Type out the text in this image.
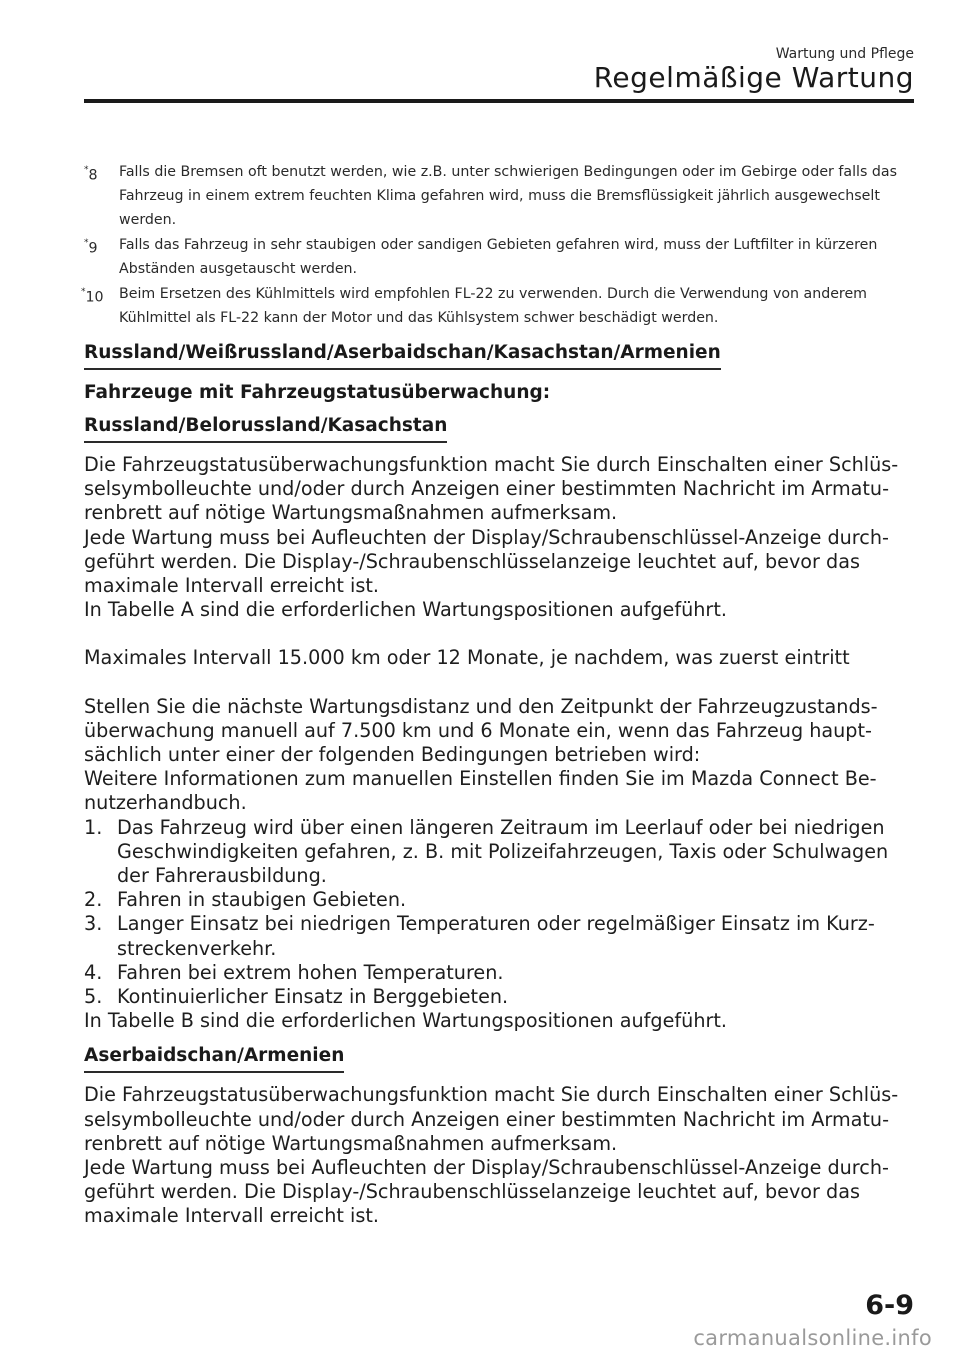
Wartung und Pflege
Regelmäßige Wartung
*8 Falls die Bremsen oft benutzt werden, wie z.B. unter schwierigen Bedingungen oder im Gebirge oder falls das Fahrzeug in einem extrem feuchten Klima gefahren wird, muss die Bremsflüssigkeit jährlich ausgewechselt werden.
*9 Falls das Fahrzeug in sehr staubigen oder sandigen Gebieten gefahren wird, muss der Luftfilter in kürzeren Abständen ausgetauscht werden.
*10 Beim Ersetzen des Kühlmittels wird empfohlen FL-22 zu verwenden. Durch die Verwendung von anderem Kühlmittel als FL-22 kann der Motor und das Kühlsystem schwer beschädigt werden.
Russland/Weißrussland/Aserbaidschan/Kasachstan/Armenien
Fahrzeuge mit Fahrzeugstatusüberwachung:
Russland/Belorussland/Kasachstan

Die Fahrzeugstatusüberwachungsfunktion macht Sie durch Einschalten einer Schlüsselsymbolleuchte und/oder durch Anzeigen einer bestimmten Nachricht im Armaturenbrett auf nötige Wartungsmaßnahmen aufmerksam.

Jede Wartung muss bei Aufleuchten der Display/Schraubenschlüssel-Anzeige durchgeführt werden. Die Display-/Schraubenschlüsselanzeige leuchtet auf, bevor das maximale Intervall erreicht ist.

In Tabelle A sind die erforderlichen Wartungspositionen aufgeführt.

Maximales Intervall 15.000 km oder 12 Monate, je nachdem, was zuerst eintritt

Stellen Sie die nächste Wartungsdistanz und den Zeitpunkt der Fahrzeugzustandsüberwachung manuell auf 7.500 km und 6 Monate ein, wenn das Fahrzeug hauptsächlich unter einer der folgenden Bedingungen betrieben wird:

Weitere Informationen zum manuellen Einstellen finden Sie im Mazda Connect Benutzerhandbuch.

1. Das Fahrzeug wird über einen längeren Zeitraum im Leerlauf oder bei niedrigen Geschwindigkeiten gefahren, z. B. mit Polizeifahrzeugen, Taxis oder Schulwagen der Fahrerausbildung.
2. Fahren in staubigen Gebieten.
3. Langer Einsatz bei niedrigen Temperaturen oder regelmäßiger Einsatz im Kurzstreckenverkehr.
4. Fahren bei extrem hohen Temperaturen.
5. Kontinuierlicher Einsatz in Berggebieten.

In Tabelle B sind die erforderlichen Wartungspositionen aufgeführt.

Aserbaidschan/Armenien

Die Fahrzeugstatusüberwachungsfunktion macht Sie durch Einschalten einer Schlüsselsymbolleuchte und/oder durch Anzeigen einer bestimmten Nachricht im Armaturenbrett auf nötige Wartungsmaßnahmen aufmerksam.

Jede Wartung muss bei Aufleuchten der Display/Schraubenschlüssel-Anzeige durchgeführt werden. Die Display-/Schraubenschlüsselanzeige leuchtet auf, bevor das maximale Intervall erreicht ist.

6-9
carmanualsonline.info
